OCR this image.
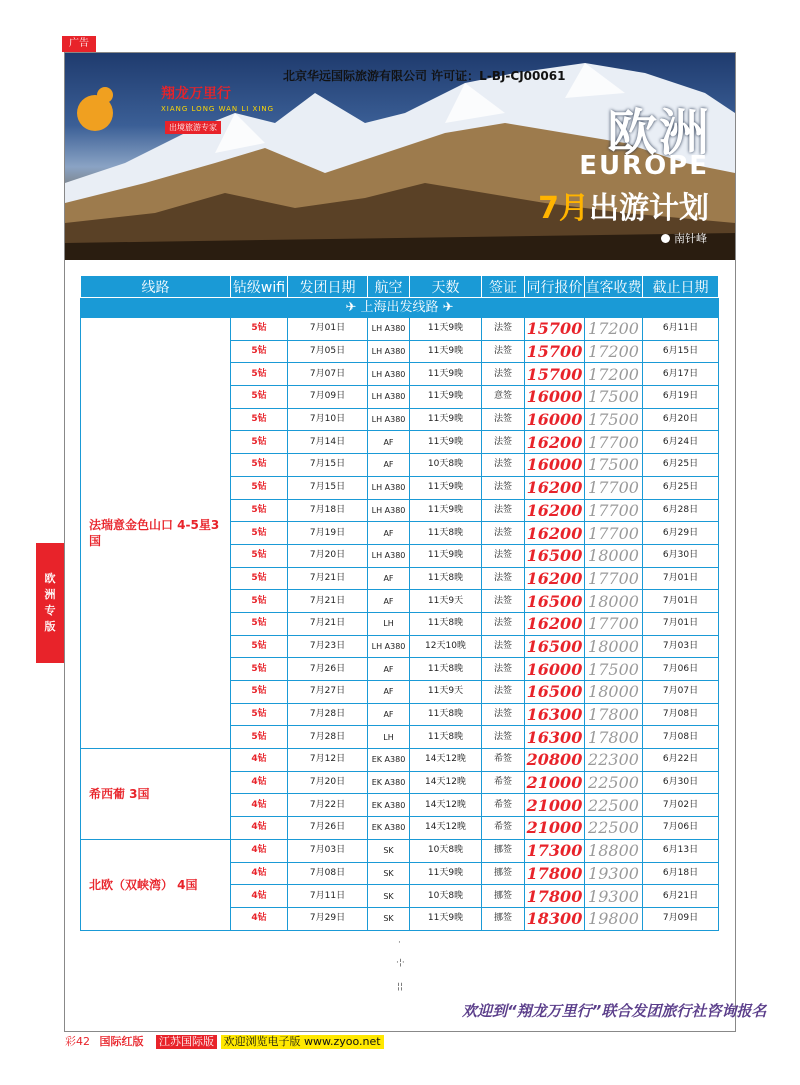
广告
北京华远国际旅游有限公司 许可证：L-BJ-CJ00061
翔龙万里行
XIANG LONG WAN LI XING
出境旅游专家	欧洲
EUROPE
7月出游计划
南针峰
欧洲专版
线路	钻级wifi	发团日期	航空	天数	签证	同行报价	直客收费	截止日期
✈ 上海出发线路 ✈								
法瑞意金色山口 4-5星3国	5钻	7月01日	LH A380	11天9晚	法签	15700	17200	6月11日
	5钻	7月05日	LH A380	11天9晚	法签	15700	17200	6月15日
	5钻	7月07日	LH A380	11天9晚	法签	15700	17200	6月17日
	5钻	7月09日	LH A380	11天9晚	意签	16000	17500	6月19日
	5钻	7月10日	LH A380	11天9晚	法签	16000	17500	6月20日
	5钻	7月14日	AF	11天9晚	法签	16200	17700	6月24日
	5钻	7月15日	AF	10天8晚	法签	16000	17500	6月25日
	5钻	7月15日	LH A380	11天9晚	法签	16200	17700	6月25日
	5钻	7月18日	LH A380	11天9晚	法签	16200	17700	6月28日
	5钻	7月19日	AF	11天8晚	法签	16200	17700	6月29日
	5钻	7月20日	LH A380	11天9晚	法签	16500	18000	6月30日
	5钻	7月21日	AF	11天8晚	法签	16200	17700	7月01日
	5钻	7月21日	AF	11天9天	法签	16500	18000	7月01日
	5钻	7月21日	LH	11天8晚	法签	16200	17700	7月01日
	5钻	7月23日	LH A380	12天10晚	法签	16500	18000	7月03日
	5钻	7月26日	AF	11天8晚	法签	16000	17500	7月06日
	5钻	7月27日	AF	11天9天	法签	16500	18000	7月07日
	5钻	7月28日	AF	11天8晚	法签	16300	17800	7月08日
	5钻	7月28日	LH	11天8晚	法签	16300	17800	7月08日
希西葡 3国	4钻	7月12日	EK A380	14天12晚	希签	20800	22300	6月22日
	4钻	7月20日	EK A380	14天12晚	希签	21000	22500	6月30日
	4钻	7月22日	EK A380	14天12晚	希签	21000	22500	7月02日
	4钻	7月26日	EK A380	14天12晚	希签	21000	22500	7月06日
北欧（双峡湾） 4国	4钻	7月03日	SK	10天8晚	挪签	17300	18800	6月13日
	4钻	7月08日	SK	11天9晚	挪签	17800	19300	6月18日
	4钻	7月11日	SK	10天8晚	挪签	17800	19300	6月21日
	4钻	7月29日	SK	11天9晚	挪签	18300	19800	7月09日
·
·¦·
¦¦
欢迎到“翔龙万里行”联合发团旅行社咨询报名
彩42 国际红版 江苏国际版 欢迎浏览电子版 www.zyoo.net
